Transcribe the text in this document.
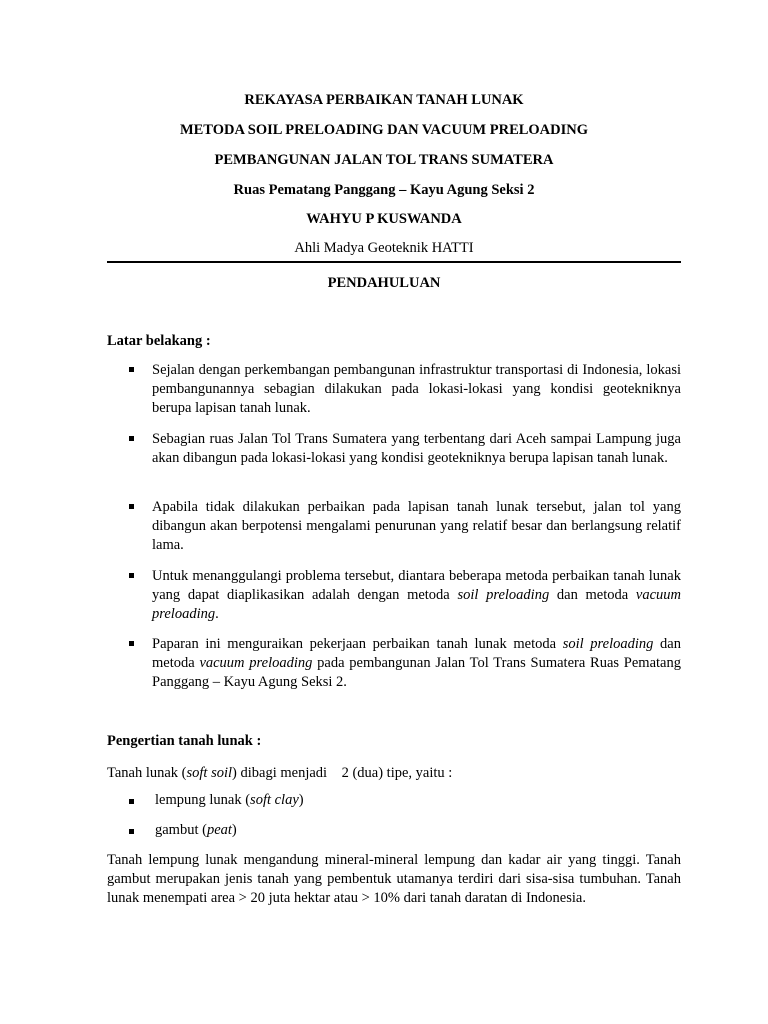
REKAYASA PERBAIKAN TANAH LUNAK
METODA SOIL PRELOADING DAN VACUUM PRELOADING
PEMBANGUNAN JALAN TOL TRANS SUMATERA
Ruas Pematang Panggang – Kayu Agung Seksi 2
WAHYU P KUSWANDA
Ahli Madya Geoteknik HATTI
PENDAHULUAN
Latar belakang :
Sejalan dengan perkembangan pembangunan infrastruktur transportasi di Indonesia, lokasi pembangunannya sebagian dilakukan pada lokasi-lokasi yang kondisi geotekniknya berupa lapisan tanah lunak.
Sebagian ruas Jalan Tol Trans Sumatera yang terbentang dari Aceh sampai Lampung juga akan dibangun pada lokasi-lokasi yang kondisi geotekniknya berupa lapisan tanah lunak.
Apabila tidak dilakukan perbaikan pada lapisan tanah lunak tersebut, jalan tol yang dibangun akan berpotensi mengalami penurunan yang relatif besar dan berlangsung relatif lama.
Untuk menanggulangi problema tersebut, diantara beberapa metoda perbaikan tanah lunak yang dapat diaplikasikan adalah dengan metoda soil preloading dan metoda vacuum preloading.
Paparan ini menguraikan pekerjaan perbaikan tanah lunak metoda soil preloading dan metoda vacuum preloading pada pembangunan Jalan Tol Trans Sumatera Ruas Pematang Panggang – Kayu Agung Seksi 2.
Pengertian tanah lunak :
Tanah lunak (soft soil) dibagi menjadi    2 (dua) tipe, yaitu :
lempung lunak (soft clay)
gambut (peat)
Tanah lempung lunak mengandung mineral-mineral lempung dan kadar air yang tinggi. Tanah gambut merupakan jenis tanah yang pembentuk utamanya terdiri dari sisa-sisa tumbuhan. Tanah lunak menempati area > 20 juta hektar atau > 10% dari tanah daratan di Indonesia.
